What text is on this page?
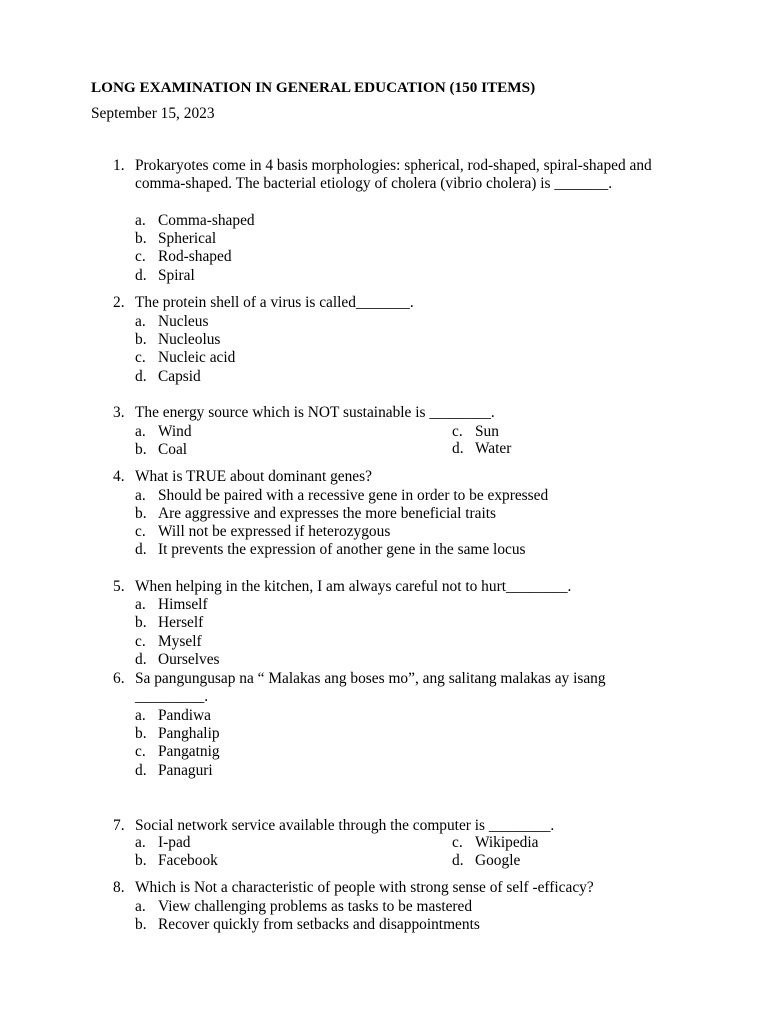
LONG EXAMINATION IN GENERAL EDUCATION (150 ITEMS)
September 15, 2023
1. Prokaryotes come in 4 basis morphologies: spherical, rod-shaped, spiral-shaped and comma-shaped. The bacterial etiology of cholera (vibrio cholera) is _______.
a. Comma-shaped
b. Spherical
c. Rod-shaped
d. Spiral
2. The protein shell of a virus is called_______.
a. Nucleus
b. Nucleolus
c. Nucleic acid
d. Capsid
3. The energy source which is NOT sustainable is ________.
a. Wind
b. Coal
c. Sun
d. Water
4. What is TRUE about dominant genes?
a. Should be paired with a recessive gene in order to be expressed
b. Are aggressive and expresses the more beneficial traits
c. Will not be expressed if heterozygous
d. It prevents the expression of another gene in the same locus
5. When helping in the kitchen, I am always careful not to hurt________.
a. Himself
b. Herself
c. Myself
d. Ourselves
6. Sa pangungusap na “ Malakas ang boses mo”, ang salitang malakas ay isang _________.
a. Pandiwa
b. Panghalip
c. Pangatnig
d. Panaguri
7. Social network service available through the computer is ________.
a. I-pad
b. Facebook
c. Wikipedia
d. Google
8. Which is Not a characteristic of people with strong sense of self -efficacy?
a. View challenging problems as tasks to be mastered
b. Recover quickly from setbacks and disappointments
